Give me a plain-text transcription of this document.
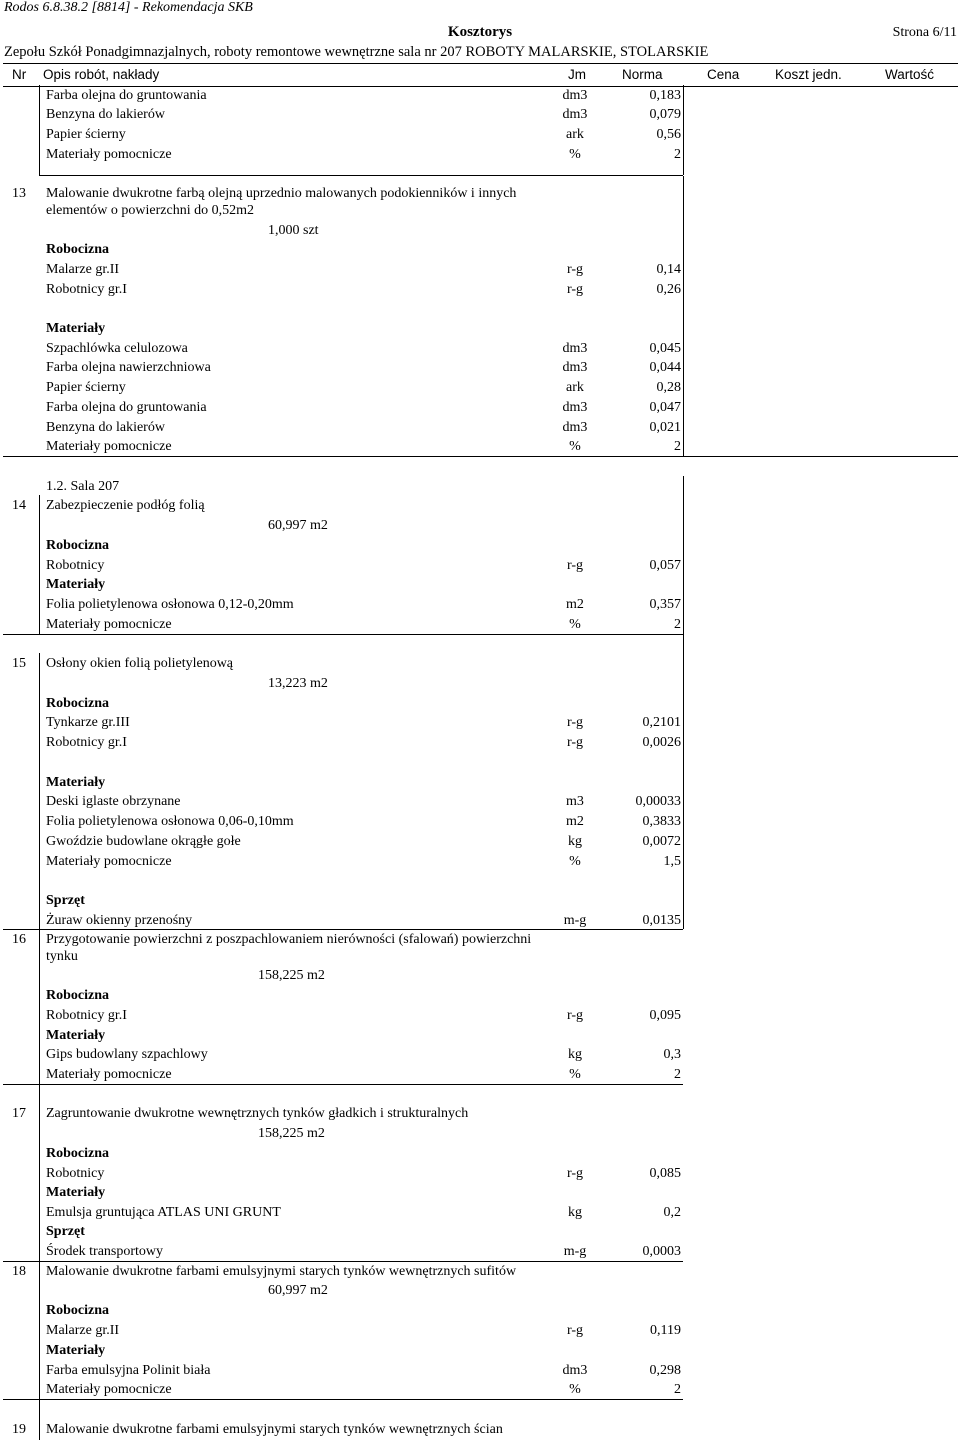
Rodos 6.8.38.2 [8814] - Rekomendacja SKB
Kosztorys	Strona 6/11
Zepołu Szkół Ponadgimnazjalnych, roboty remontowe wewnętrzne sala nr 207 ROBOTY MALARSKIE, STOLARSKIE
Nr Opis robót, nakłady	Jm	Norma	Cena	Koszt jedn.	Wartość
Farba olejna do gruntowania	dm3	0,183
Benzyna do lakierów	dm3	0,079
Papier ścierny	ark	0,56
Materiały pomocnicze	%	2
13 Malowanie dwukrotne farbą olejną uprzednio malowanych podokienników i innych
elementów o powierzchni do 0,52m2
1,000 szt
Robocizna
Malarze gr.II	r-g	0,14
Robotnicy gr.I	r-g	0,26
Materiały
Szpachlówka celulozowa	dm3	0,045
Farba olejna nawierzchniowa	dm3	0,044
Papier ścierny	ark	0,28
Farba olejna do gruntowania	dm3	0,047
Benzyna do lakierów	dm3	0,021
Materiały pomocnicze	%	2
1.2. Sala 207
14 Zabezpieczenie podłóg folią
60,997 m2
Robocizna
Robotnicy	r-g	0,057
Materiały
Folia polietylenowa osłonowa 0,12-0,20mm	m2	0,357
Materiały pomocnicze	%	2
15 Osłony okien folią polietylenową
13,223 m2
Robocizna
Tynkarze gr.III	r-g	0,2101
Robotnicy gr.I	r-g	0,0026
Materiały
Deski iglaste obrzynane	m3	0,00033
Folia polietylenowa osłonowa 0,06-0,10mm	m2	0,3833
Gwoździe budowlane okrągłe gołe	kg	0,0072
Materiały pomocnicze	%	1,5
Sprzęt
Żuraw okienny przenośny	m-g	0,0135
16 Przygotowanie powierzchni z poszpachlowaniem nierówności (sfalowań) powierzchni
tynku
158,225 m2
Robocizna
Robotnicy gr.I	r-g	0,095
Materiały
Gips budowlany szpachlowy	kg	0,3
Materiały pomocnicze	%	2
17 Zagruntowanie dwukrotne wewnętrznych tynków gładkich i strukturalnych
158,225 m2
Robocizna
Robotnicy	r-g	0,085
Materiały
Emulsja gruntująca ATLAS UNI GRUNT	kg	0,2
Sprzęt
Środek transportowy	m-g	0,0003
18 Malowanie dwukrotne farbami emulsyjnymi starych tynków wewnętrznych sufitów
60,997 m2
Robocizna
Malarze gr.II	r-g	0,119
Materiały
Farba emulsyjna Polinit biała	dm3	0,298
Materiały pomocnicze	%	2
19 Malowanie dwukrotne farbami emulsyjnymi starych tynków wewnętrznych ścian
